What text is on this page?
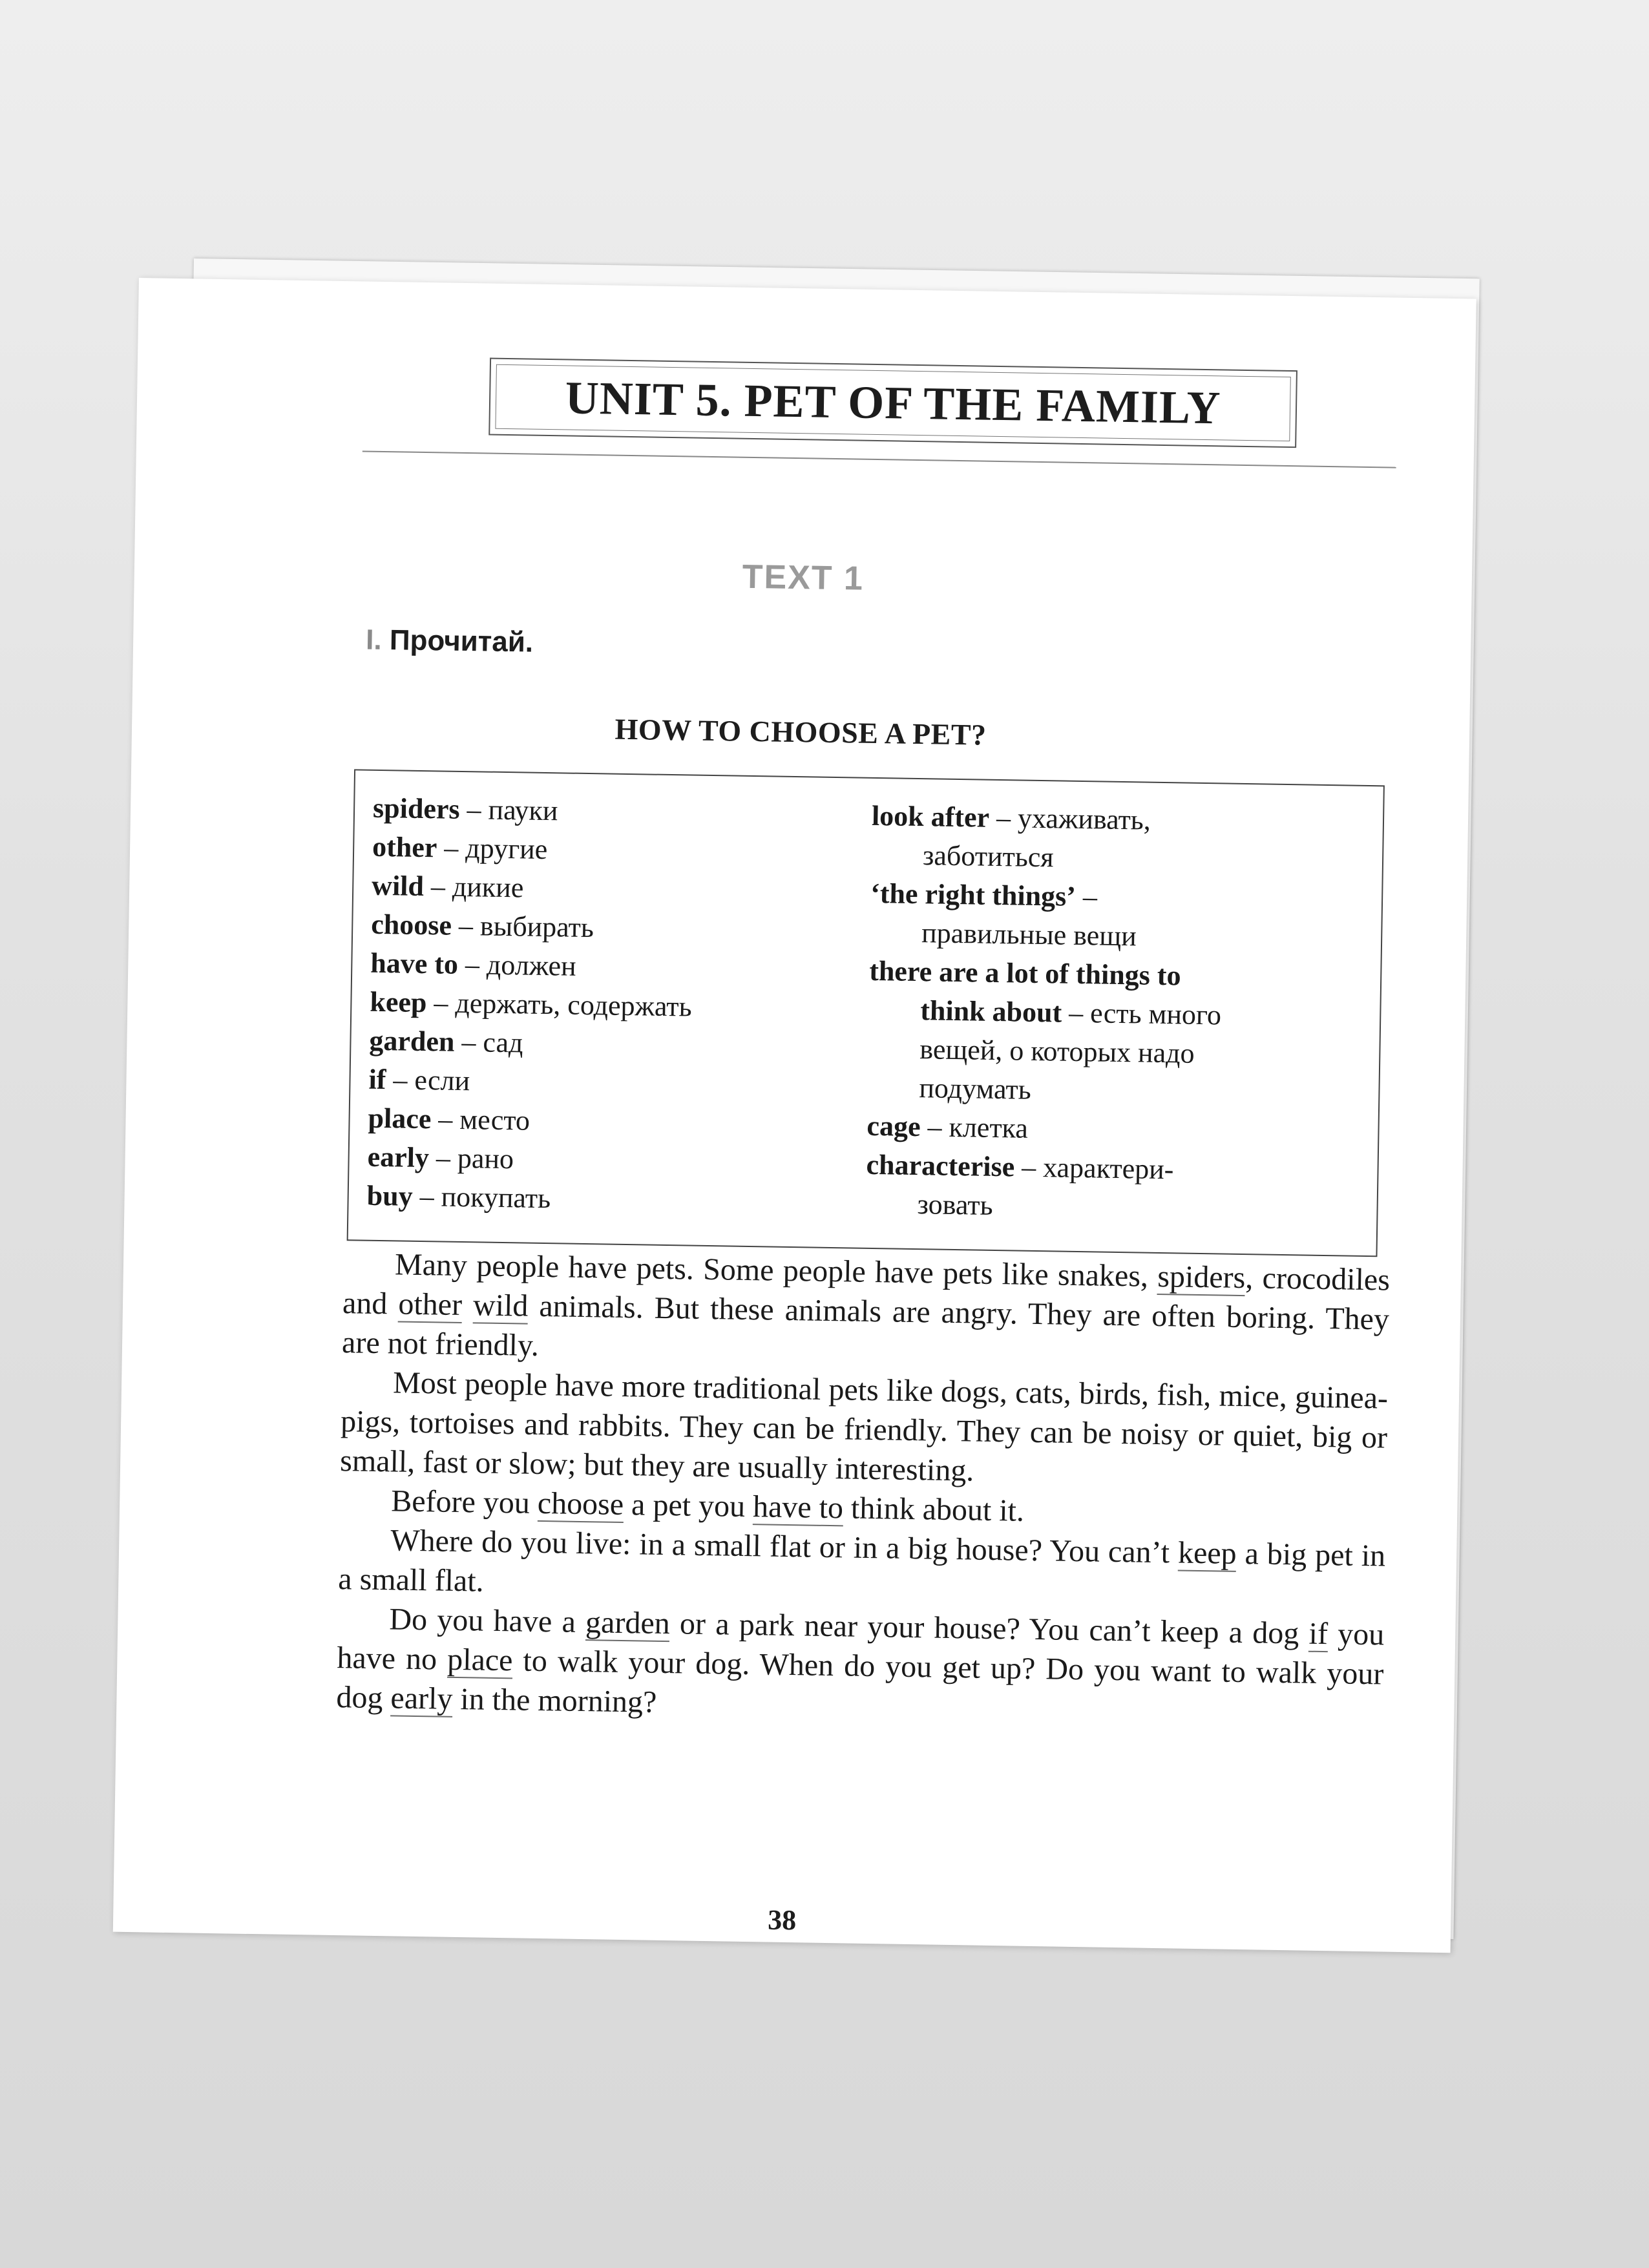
UNIT 5. PET OF THE FAMILY
TEXT 1
I. Прочитай.
HOW TO CHOOSE A PET?
spiders – пауки
other – другие
wild – дикие
choose – выбирать
have to – должен
keep – держать, содержать
garden – сад
if – если
place – место
early – рано
buy – покупать
look after – ухаживать,
заботиться
‘the right things’ –
правильные вещи
there are a lot of things to
think about – есть много
вещей, о которых надо
подумать
cage – клетка
characterise – характери-
зовать

Many people have pets. Some people have pets like snakes, spiders, crocodiles and other wild animals. But these animals are angry. They are often boring. They are not friendly.

Most people have more traditional pets like dogs, cats, birds, fish, mice, guinea-pigs, tortoises and rabbits. They can be friendly. They can be noisy or quiet, big or small, fast or slow; but they are usually interesting.

Before you choose a pet you have to think about it.

Where do you live: in a small flat or in a big house? You can’t keep a big pet in a small flat.

Do you have a garden or a park near your house? You can’t keep a dog if you have no place to walk your dog. When do you get up? Do you want to walk your dog early in the morning?

38
